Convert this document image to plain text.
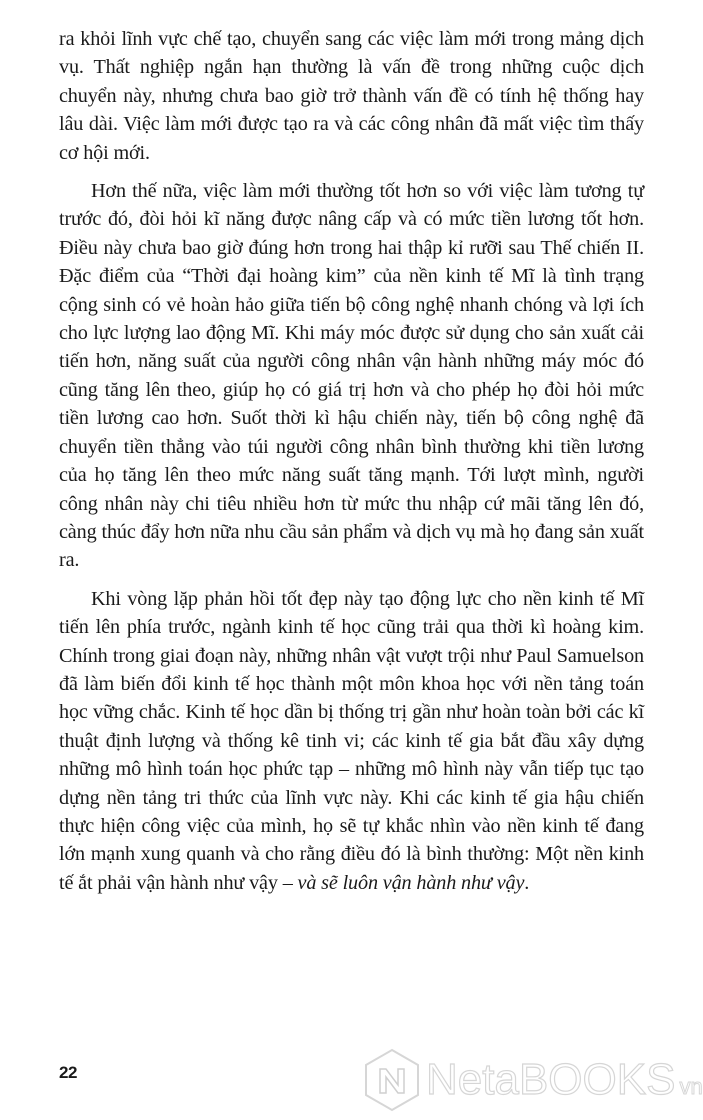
ra khỏi lĩnh vực chế tạo, chuyển sang các việc làm mới trong mảng dịch vụ. Thất nghiệp ngắn hạn thường là vấn đề trong những cuộc dịch chuyển này, nhưng chưa bao giờ trở thành vấn đề có tính hệ thống hay lâu dài. Việc làm mới được tạo ra và các công nhân đã mất việc tìm thấy cơ hội mới.

Hơn thế nữa, việc làm mới thường tốt hơn so với việc làm tương tự trước đó, đòi hỏi kĩ năng được nâng cấp và có mức tiền lương tốt hơn. Điều này chưa bao giờ đúng hơn trong hai thập kỉ rưỡi sau Thế chiến II. Đặc điểm của “Thời đại hoàng kim” của nền kinh tế Mĩ là tình trạng cộng sinh có vẻ hoàn hảo giữa tiến bộ công nghệ nhanh chóng và lợi ích cho lực lượng lao động Mĩ. Khi máy móc được sử dụng cho sản xuất cải tiến hơn, năng suất của người công nhân vận hành những máy móc đó cũng tăng lên theo, giúp họ có giá trị hơn và cho phép họ đòi hỏi mức tiền lương cao hơn. Suốt thời kì hậu chiến này, tiến bộ công nghệ đã chuyển tiền thẳng vào túi người công nhân bình thường khi tiền lương của họ tăng lên theo mức năng suất tăng mạnh. Tới lượt mình, người công nhân này chi tiêu nhiều hơn từ mức thu nhập cứ mãi tăng lên đó, càng thúc đẩy hơn nữa nhu cầu sản phẩm và dịch vụ mà họ đang sản xuất ra.

Khi vòng lặp phản hồi tốt đẹp này tạo động lực cho nền kinh tế Mĩ tiến lên phía trước, ngành kinh tế học cũng trải qua thời kì hoàng kim. Chính trong giai đoạn này, những nhân vật vượt trội như Paul Samuelson đã làm biến đổi kinh tế học thành một môn khoa học với nền tảng toán học vững chắc. Kinh tế học dần bị thống trị gần như hoàn toàn bởi các kĩ thuật định lượng và thống kê tinh vi; các kinh tế gia bắt đầu xây dựng những mô hình toán học phức tạp – những mô hình này vẫn tiếp tục tạo dựng nền tảng tri thức của lĩnh vực này. Khi các kinh tế gia hậu chiến thực hiện công việc của mình, họ sẽ tự khắc nhìn vào nền kinh tế đang lớn mạnh xung quanh và cho rằng điều đó là bình thường: Một nền kinh tế ắt phải vận hành như vậy – và sẽ luôn vận hành như vậy.

22	NetaBOOKS vn
